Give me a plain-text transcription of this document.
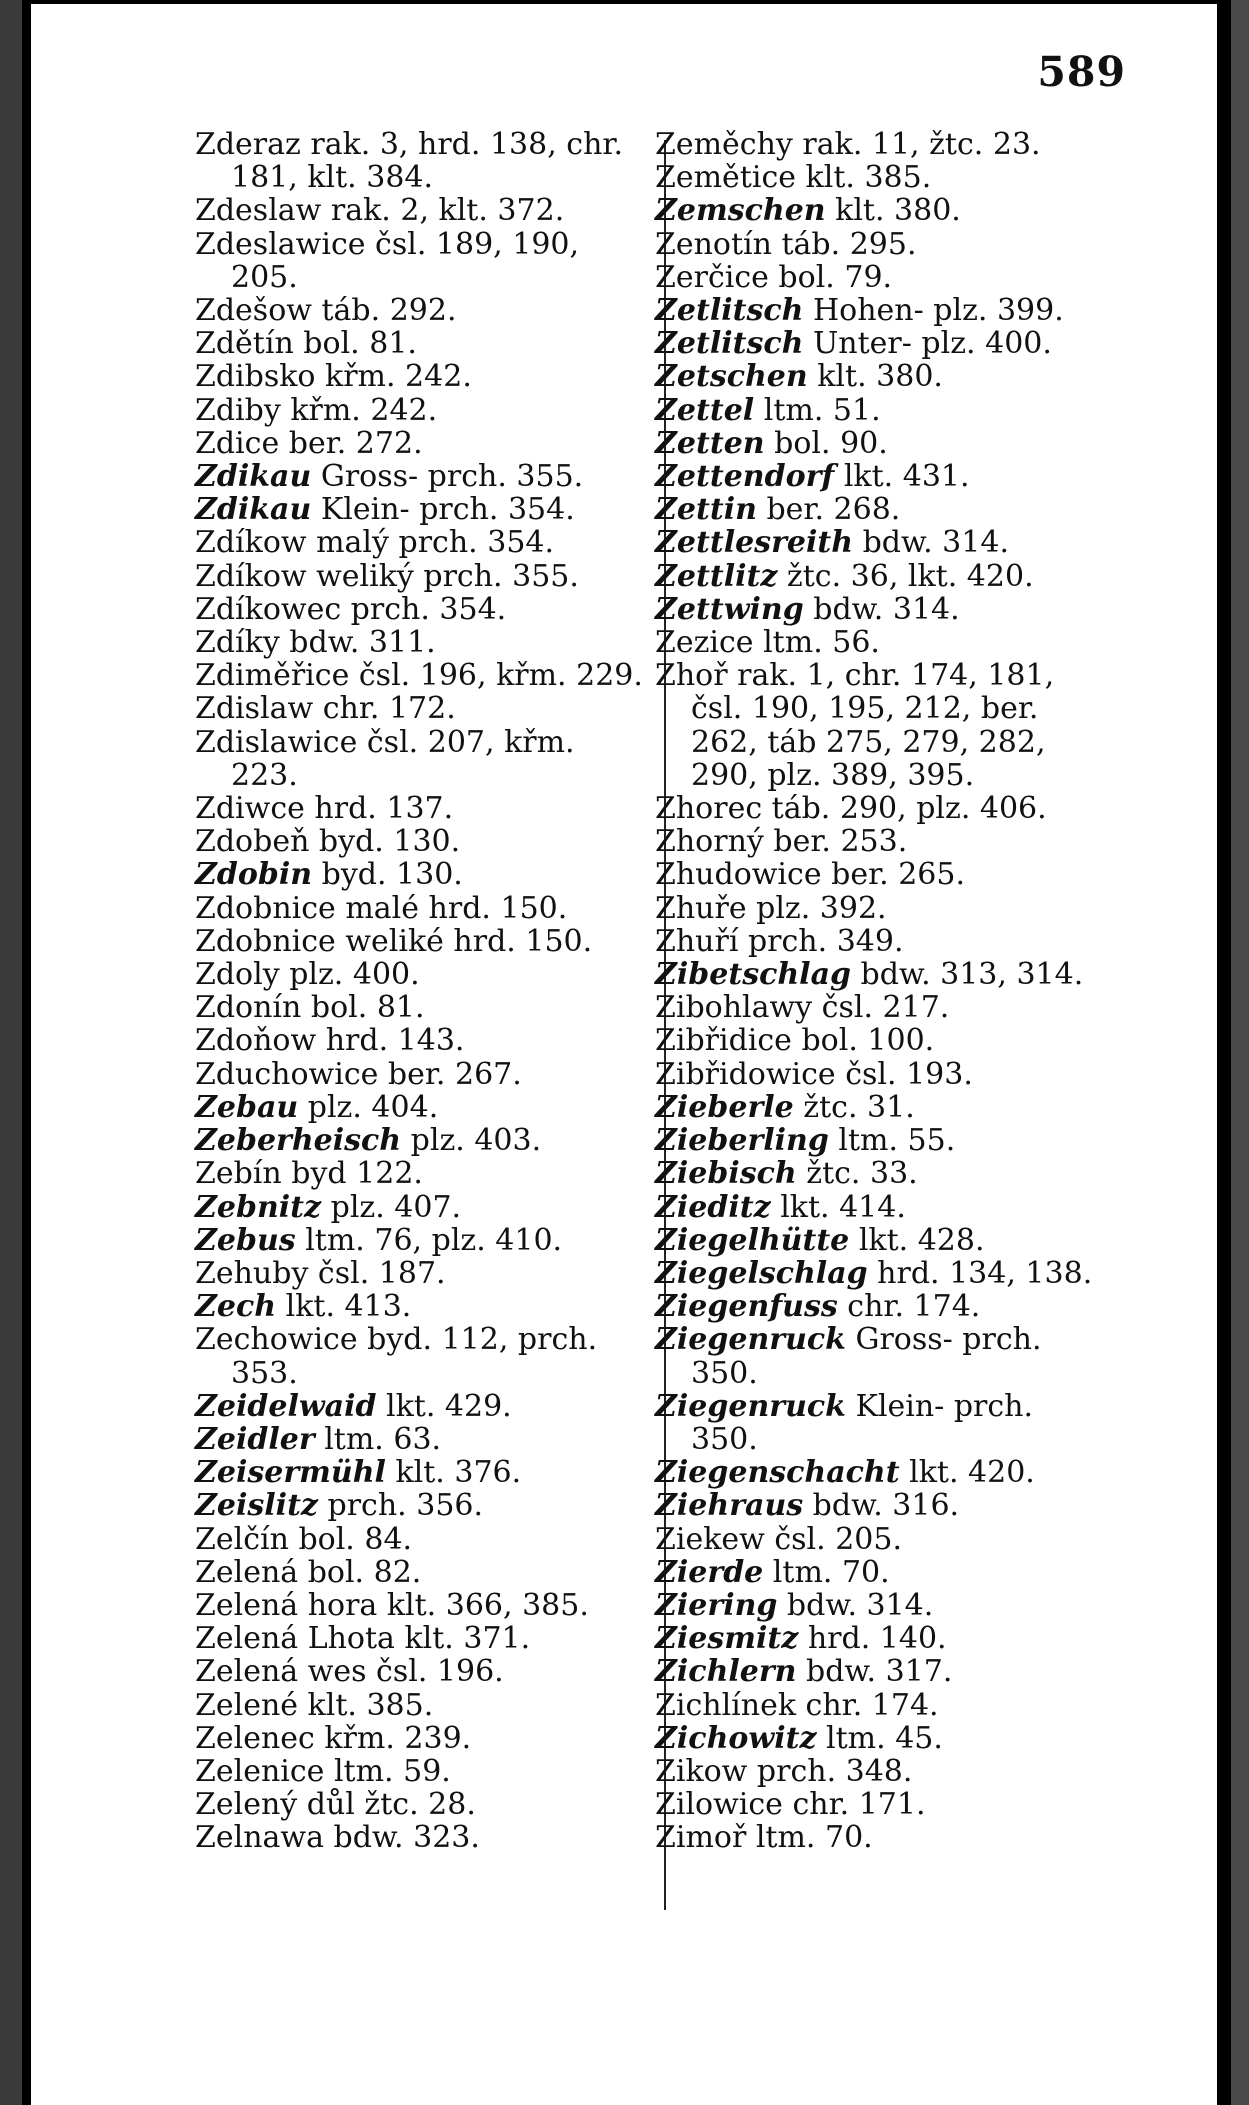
589
Zderaz rak. 3, hrd. 138, chr.
181, klt. 384.
Zdeslaw rak. 2, klt. 372.
Zdeslawice čsl. 189, 190,
205.
Zdešow táb. 292.
Zdětín bol. 81.
Zdibsko křm. 242.
Zdiby křm. 242.
Zdice ber. 272.
Zdikau Gross- prch. 355.
Zdikau Klein- prch. 354.
Zdíkow malý prch. 354.
Zdíkow weliký prch. 355.
Zdíkowec prch. 354.
Zdíky bdw. 311.
Zdiměřice čsl. 196, křm. 229.
Zdislaw chr. 172.
Zdislawice čsl. 207, křm.
223.
Zdiwce hrd. 137.
Zdobeň byd. 130.
Zdobin byd. 130.
Zdobnice malé hrd. 150.
Zdobnice weliké hrd. 150.
Zdoly plz. 400.
Zdonín bol. 81.
Zdoňow hrd. 143.
Zduchowice ber. 267.
Zebau plz. 404.
Zeberheisch plz. 403.
Zebín byd 122.
Zebnitz plz. 407.
Zebus ltm. 76, plz. 410.
Zehuby čsl. 187.
Zech lkt. 413.
Zechowice byd. 112, prch.
353.
Zeidelwaid lkt. 429.
Zeidler ltm. 63.
Zeisermühl klt. 376.
Zeislitz prch. 356.
Zelčín bol. 84.
Zelená bol. 82.
Zelená hora klt. 366, 385.
Zelená Lhota klt. 371.
Zelená wes čsl. 196.
Zelené klt. 385.
Zelenec křm. 239.
Zelenice ltm. 59.
Zelený důl žtc. 28.
Zelnawa bdw. 323.
Zeměchy rak. 11, žtc. 23.
Zemětice klt. 385.
Zemschen klt. 380.
Zenotín táb. 295.
Zerčice bol. 79.
Zetlitsch Hohen- plz. 399.
Zetlitsch Unter- plz. 400.
Zetschen klt. 380.
Zettel ltm. 51.
Zetten bol. 90.
Zettendorf lkt. 431.
Zettin ber. 268.
Zettlesreith bdw. 314.
Zettlitz žtc. 36, lkt. 420.
Zettwing bdw. 314.
Zezice ltm. 56.
Zhoř rak. 1, chr. 174, 181,
čsl. 190, 195, 212, ber.
262, táb 275, 279, 282,
290, plz. 389, 395.
Zhorec táb. 290, plz. 406.
Zhorný ber. 253.
Zhudowice ber. 265.
Zhuře plz. 392.
Zhuří prch. 349.
Zibetschlag bdw. 313, 314.
Zibohlawy čsl. 217.
Zibřidice bol. 100.
Zibřidowice čsl. 193.
Zieberle žtc. 31.
Zieberling ltm. 55.
Ziebisch žtc. 33.
Zieditz lkt. 414.
Ziegelhütte lkt. 428.
Ziegelschlag hrd. 134, 138.
Ziegenfuss chr. 174.
Ziegenruck Gross- prch.
350.
Ziegenruck Klein- prch.
350.
Ziegenschacht lkt. 420.
Ziehraus bdw. 316.
Ziekew čsl. 205.
Zierde ltm. 70.
Ziering bdw. 314.
Ziesmitz hrd. 140.
Zichlern bdw. 317.
Zichlínek chr. 174.
Zichowitz ltm. 45.
Zikow prch. 348.
Zilowice chr. 171.
Zimoř ltm. 70.
